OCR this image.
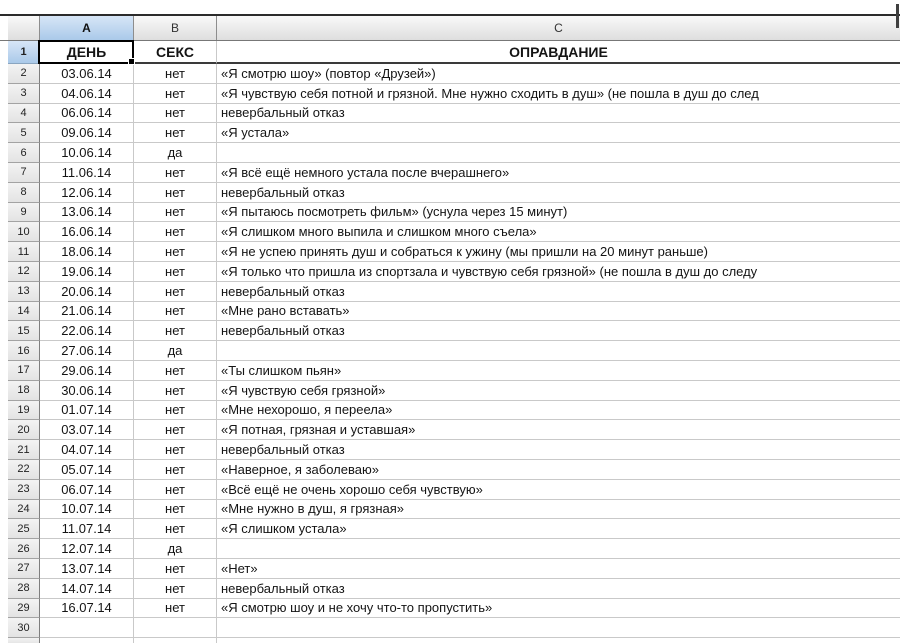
A	B	C
1	ДЕНЬ	СЕКС	ОПРАВДАНИЕ
2	03.06.14	нет	«Я смотрю шоу» (повтор «Друзей»)
3	04.06.14	нет	«Я чувствую себя потной и грязной. Мне нужно сходить в душ» (не пошла в душ до след
4	06.06.14	нет	невербальный отказ
5	09.06.14	нет	«Я устала»
6	10.06.14	да
7	11.06.14	нет	«Я всё ещё немного устала после вчерашнего»
8	12.06.14	нет	невербальный отказ
9	13.06.14	нет	«Я пытаюсь посмотреть фильм» (уснула через 15 минут)
10	16.06.14	нет	«Я слишком много выпила и слишком много съела»
11	18.06.14	нет	«Я не успею принять душ и собраться к ужину (мы пришли на 20 минут раньше)
12	19.06.14	нет	«Я только что пришла из спортзала и чувствую себя грязной» (не пошла в душ до следу
13	20.06.14	нет	невербальный отказ
14	21.06.14	нет	«Мне рано вставать»
15	22.06.14	нет	невербальный отказ
16	27.06.14	да
17	29.06.14	нет	«Ты слишком пьян»
18	30.06.14	нет	«Я чувствую себя грязной»
19	01.07.14	нет	«Мне нехорошо, я переела»
20	03.07.14	нет	«Я потная, грязная и уставшая»
21	04.07.14	нет	невербальный отказ
22	05.07.14	нет	«Наверное, я заболеваю»
23	06.07.14	нет	«Всё ещё не очень хорошо себя чувствую»
24	10.07.14	нет	«Мне нужно в душ, я грязная»
25	11.07.14	нет	«Я слишком устала»
26	12.07.14	да
27	13.07.14	нет	«Нет»
28	14.07.14	нет	невербальный отказ
29	16.07.14	нет	«Я смотрю шоу и не хочу что-то пропустить»
30
